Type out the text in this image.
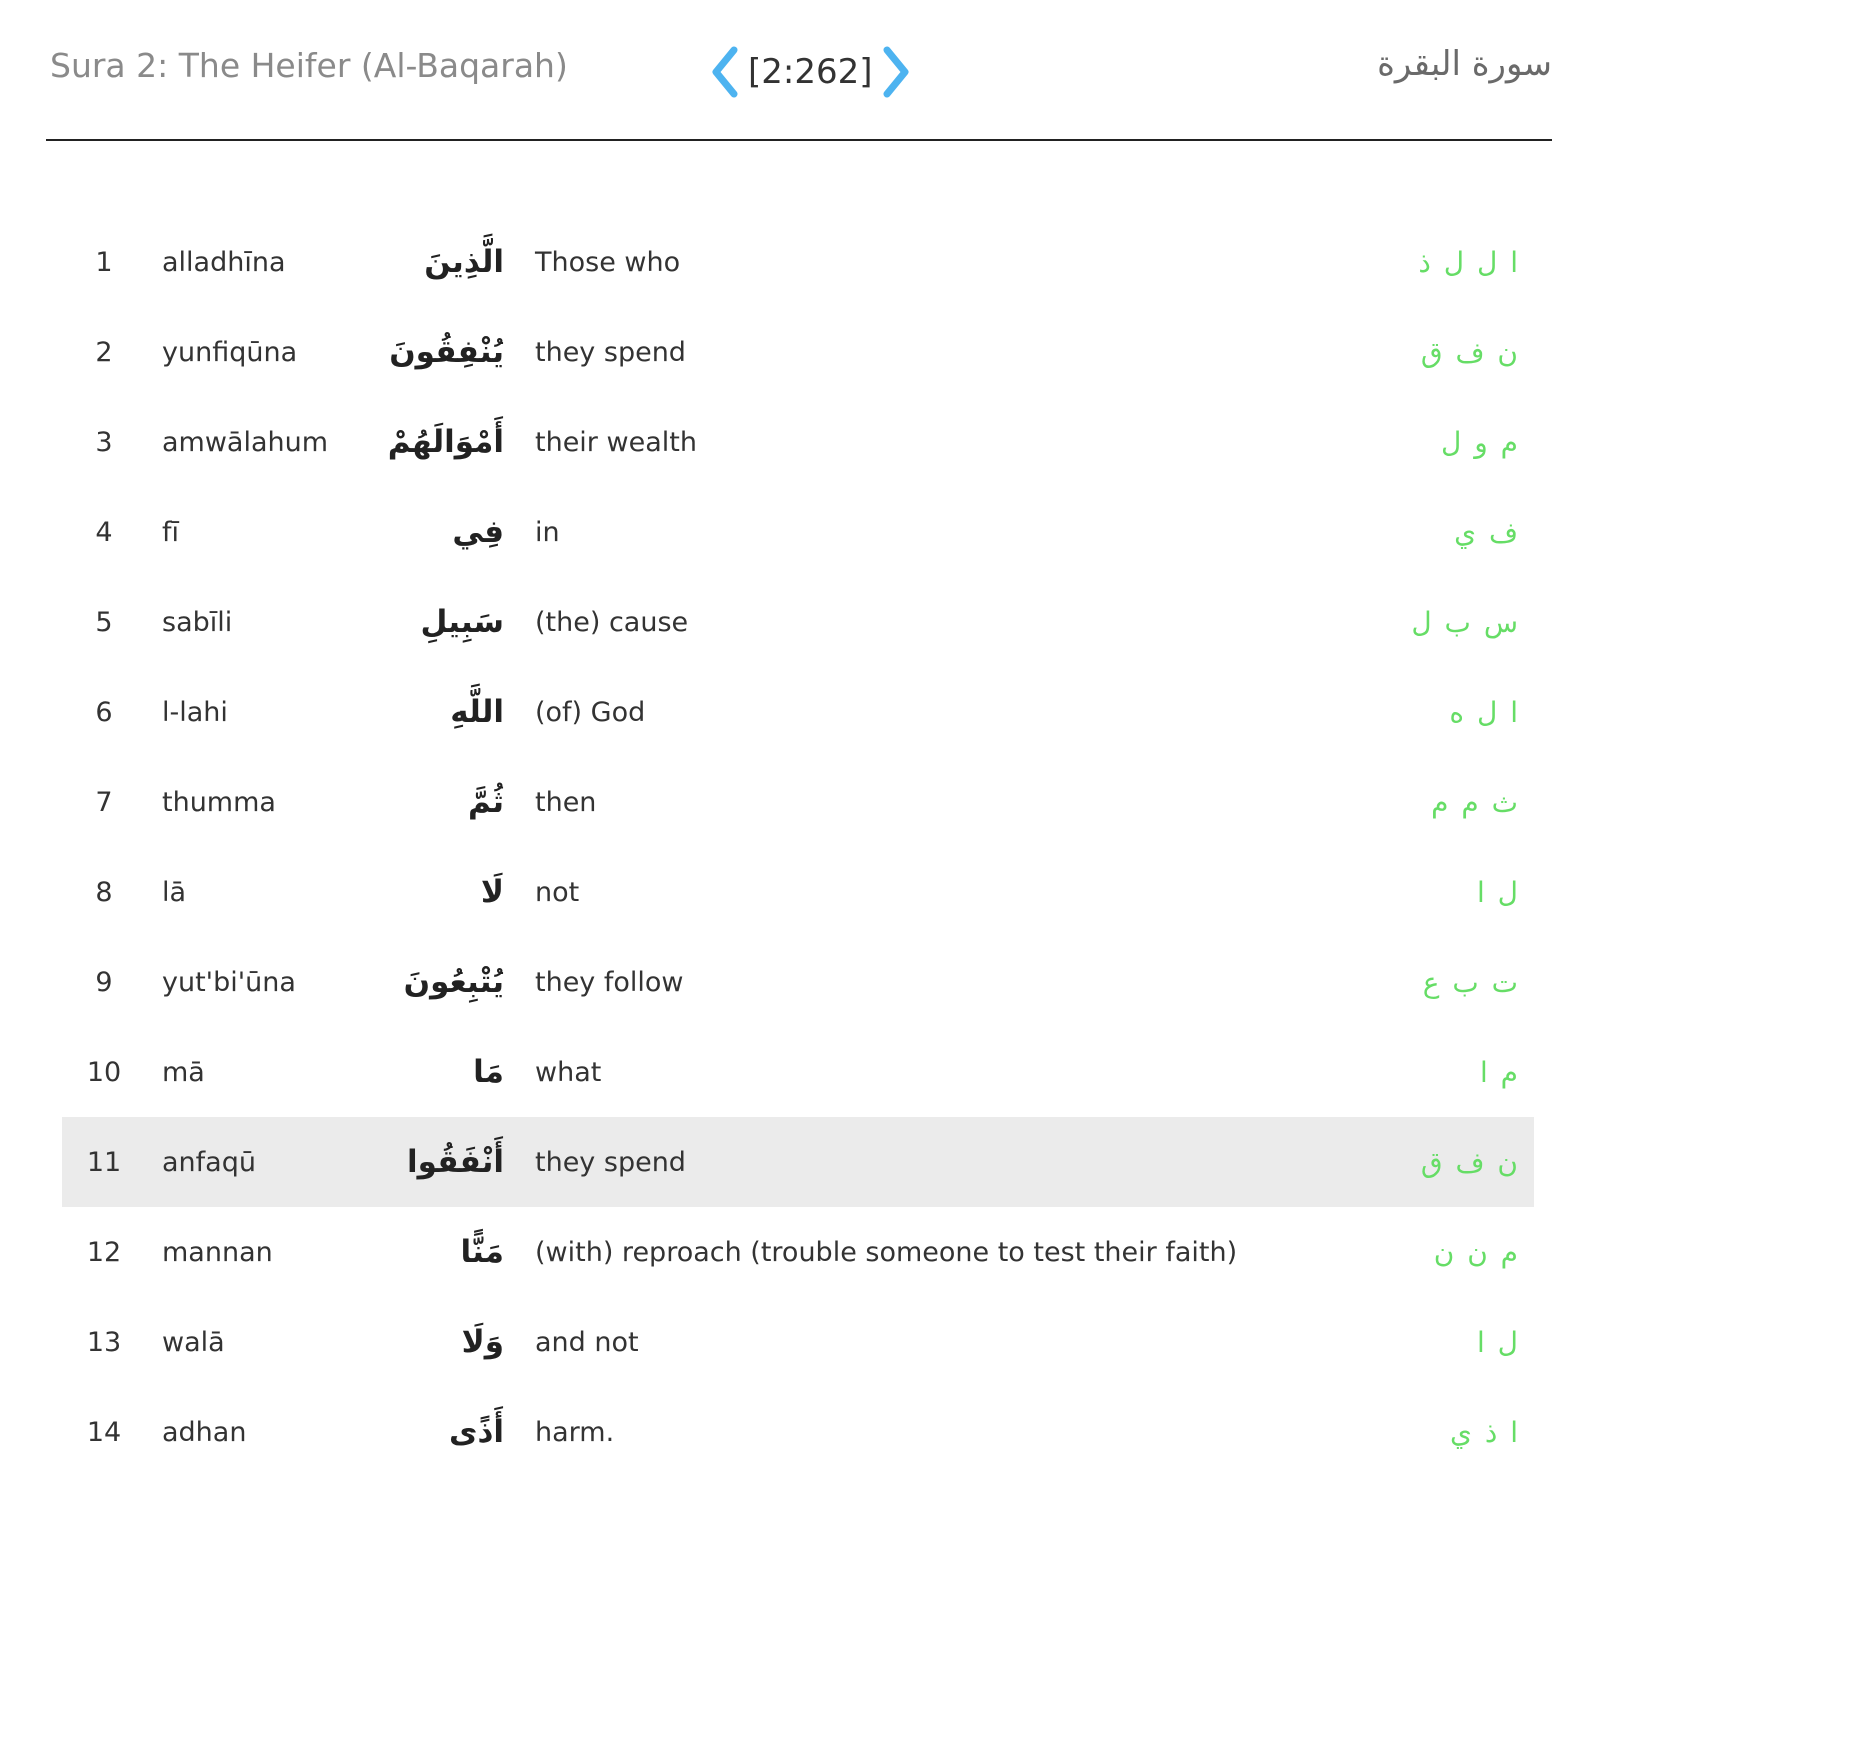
Sura 2: The Heifer (Al-Baqarah)	[2:262]	سورة البقرة
1	alladhīna	الَّذِينَ Those who	ا ل ل ذ
2	yunfiqūna	يُنْفِقُونَ they spend	ن ف ق
3	amwālahum أَمْوَالَهُمْ their wealth	م و ل
4	fī	فِي in	ف ي
5	sabīli	سَبِيلِ (the) cause	س ب ل
6	l-lahi	اللَّهِ (of) God	ا ل ه
7	thumma	ثُمَّ then	ث م م
8	lā	لَا not	ل ا
9	yut'bi'ūna	يُتْبِعُونَ they follow	ت ب ع
10	mā	مَا what	م ا
11	anfaqū	أَنْفَقُوا they spend	ن ف ق
12	mannan	مَنًّا (with) reproach (trouble someone to test their faith)	م ن ن
13	walā	وَلَا and not	ل ا
14	adhan	أَذًى harm.	ا ذ ي
